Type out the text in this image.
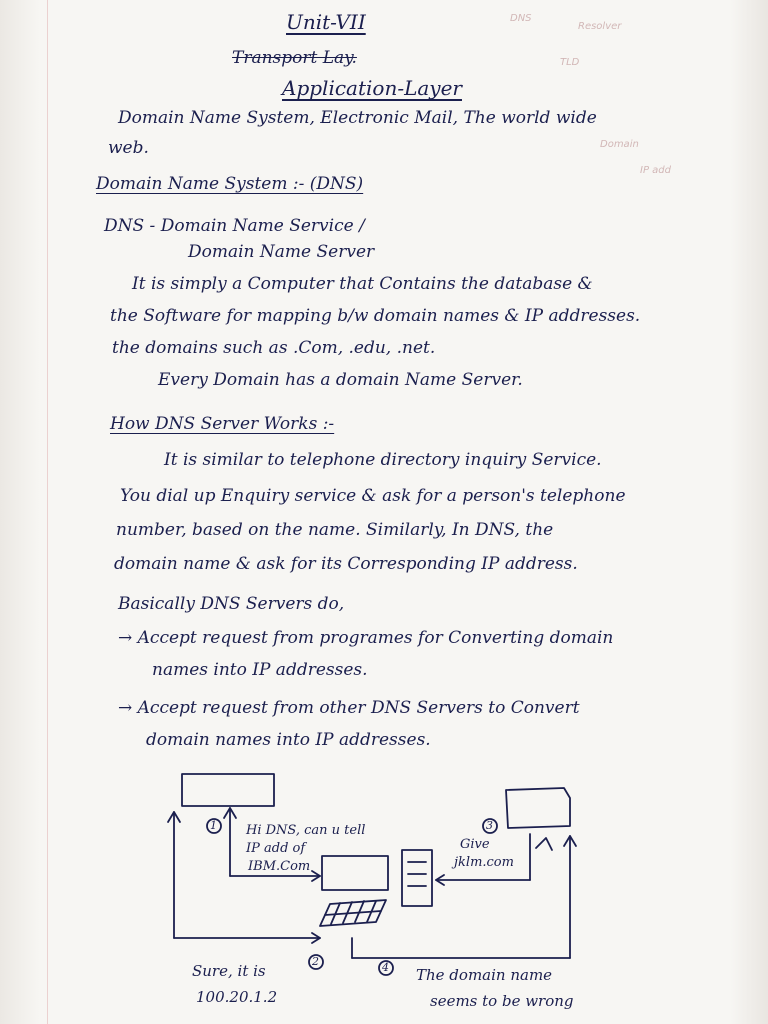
DNS
Resolver
TLD
Domain
IP add
Unit-VII
Transport Lay.
Application-Layer
Domain Name System, Electronic Mail, The world wide
web.
Domain Name System :- (DNS)
DNS - Domain Name Service /
Domain Name Server
It is simply a Computer that Contains the database &
the Software for mapping b/w domain names & IP addresses.
the domains such as .Com, .edu, .net.
Every Domain has a domain Name Server.
How DNS Server Works :-
It is similar to telephone directory inquiry Service.
You dial up Enquiry service & ask for a person's telephone
number, based on the name. Similarly, In DNS, the
domain name & ask for its Corresponding IP address.
Basically DNS Servers do,
→ Accept request from programes for Converting domain
names into IP addresses.
→ Accept request from other DNS Servers to Convert
domain names into IP addresses.
1 Hi DNS, can u tell
IP add of
IBM.Com
3
Give
jklm.com
2
Sure, it is
100.20.1.2
4 The domain name
seems to be wrong
